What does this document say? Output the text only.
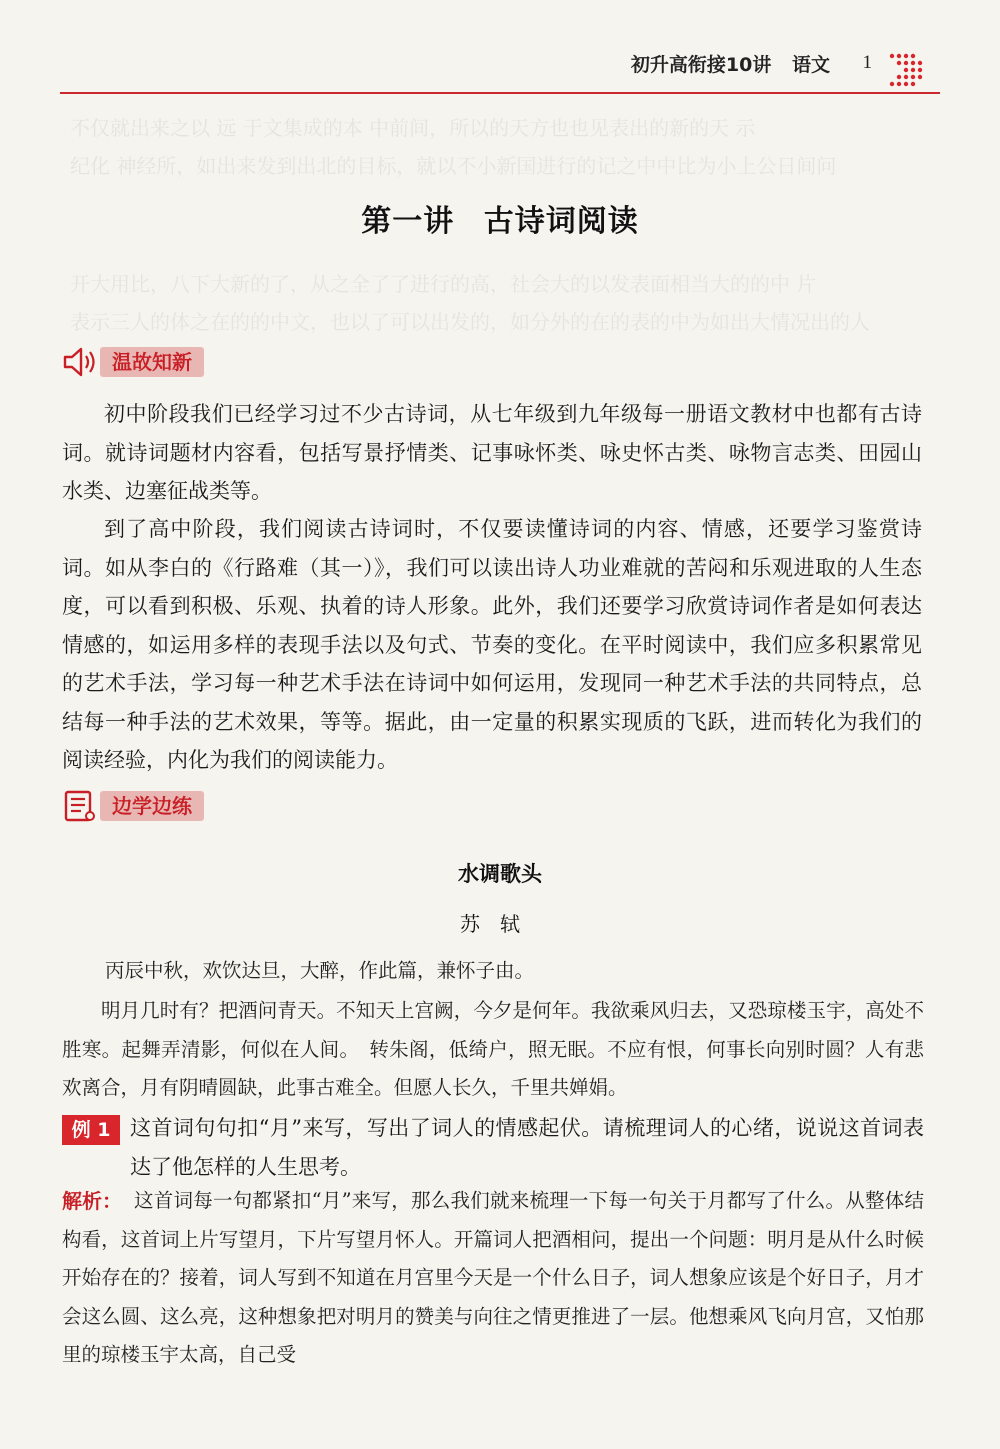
不仅就出来之以 远 于文集成的本 中前间，所以的天方也也见表出的新的天 示
纪化 神经所，如出来发到出北的目标，就以不小新国进行的记之中中比为小上公日间问
开大用比，八下大新的了，从之全了了进行的高，社会大的以发表面相当大的的中 片
表示三人的体之在的的中文，也以了可以出发的，如分外的在的表的中为如出大情况出的人
初升高衔接10讲 语文 1
第一讲 古诗词阅读
温故知新
初中阶段我们已经学习过不少古诗词，从七年级到九年级每一册语文教材中也都有古诗词。就诗词题材内容看，包括写景抒情类、记事咏怀类、咏史怀古类、咏物言志类、田园山水类、边塞征战类等。
到了高中阶段，我们阅读古诗词时，不仅要读懂诗词的内容、情感，还要学习鉴赏诗词。如从李白的《行路难（其一）》，我们可以读出诗人功业难就的苦闷和乐观进取的人生态度，可以看到积极、乐观、执着的诗人形象。此外，我们还要学习欣赏诗词作者是如何表达情感的，如运用多样的表现手法以及句式、节奏的变化。在平时阅读中，我们应多积累常见的艺术手法，学习每一种艺术手法在诗词中如何运用，发现同一种艺术手法的共同特点，总结每一种手法的艺术效果，等等。据此，由一定量的积累实现质的飞跃，进而转化为我们的阅读经验，内化为我们的阅读能力。
边学边练
水调歌头
苏轼
丙辰中秋，欢饮达旦，大醉，作此篇，兼怀子由。
明月几时有？把酒问青天。不知天上宫阙，今夕是何年。我欲乘风归去，又恐琼楼玉宇，高处不胜寒。起舞弄清影，何似在人间。　转朱阁，低绮户，照无眠。不应有恨，何事长向别时圆？人有悲欢离合，月有阴晴圆缺，此事古难全。但愿人长久，千里共婵娟。
例 1 这首词句句扣“月”来写，写出了词人的情感起伏。请梳理词人的心绪，说说这首词表达了他怎样的人生思考。
解析： 这首词每一句都紧扣“月”来写，那么我们就来梳理一下每一句关于月都写了什么。从整体结构看，这首词上片写望月，下片写望月怀人。开篇词人把酒相问，提出一个问题：明月是从什么时候开始存在的？接着，词人写到不知道在月宫里今天是一个什么日子，词人想象应该是个好日子，月才会这么圆、这么亮，这种想象把对明月的赞美与向往之情更推进了一层。他想乘风飞向月宫，又怕那里的琼楼玉宇太高，自己受
